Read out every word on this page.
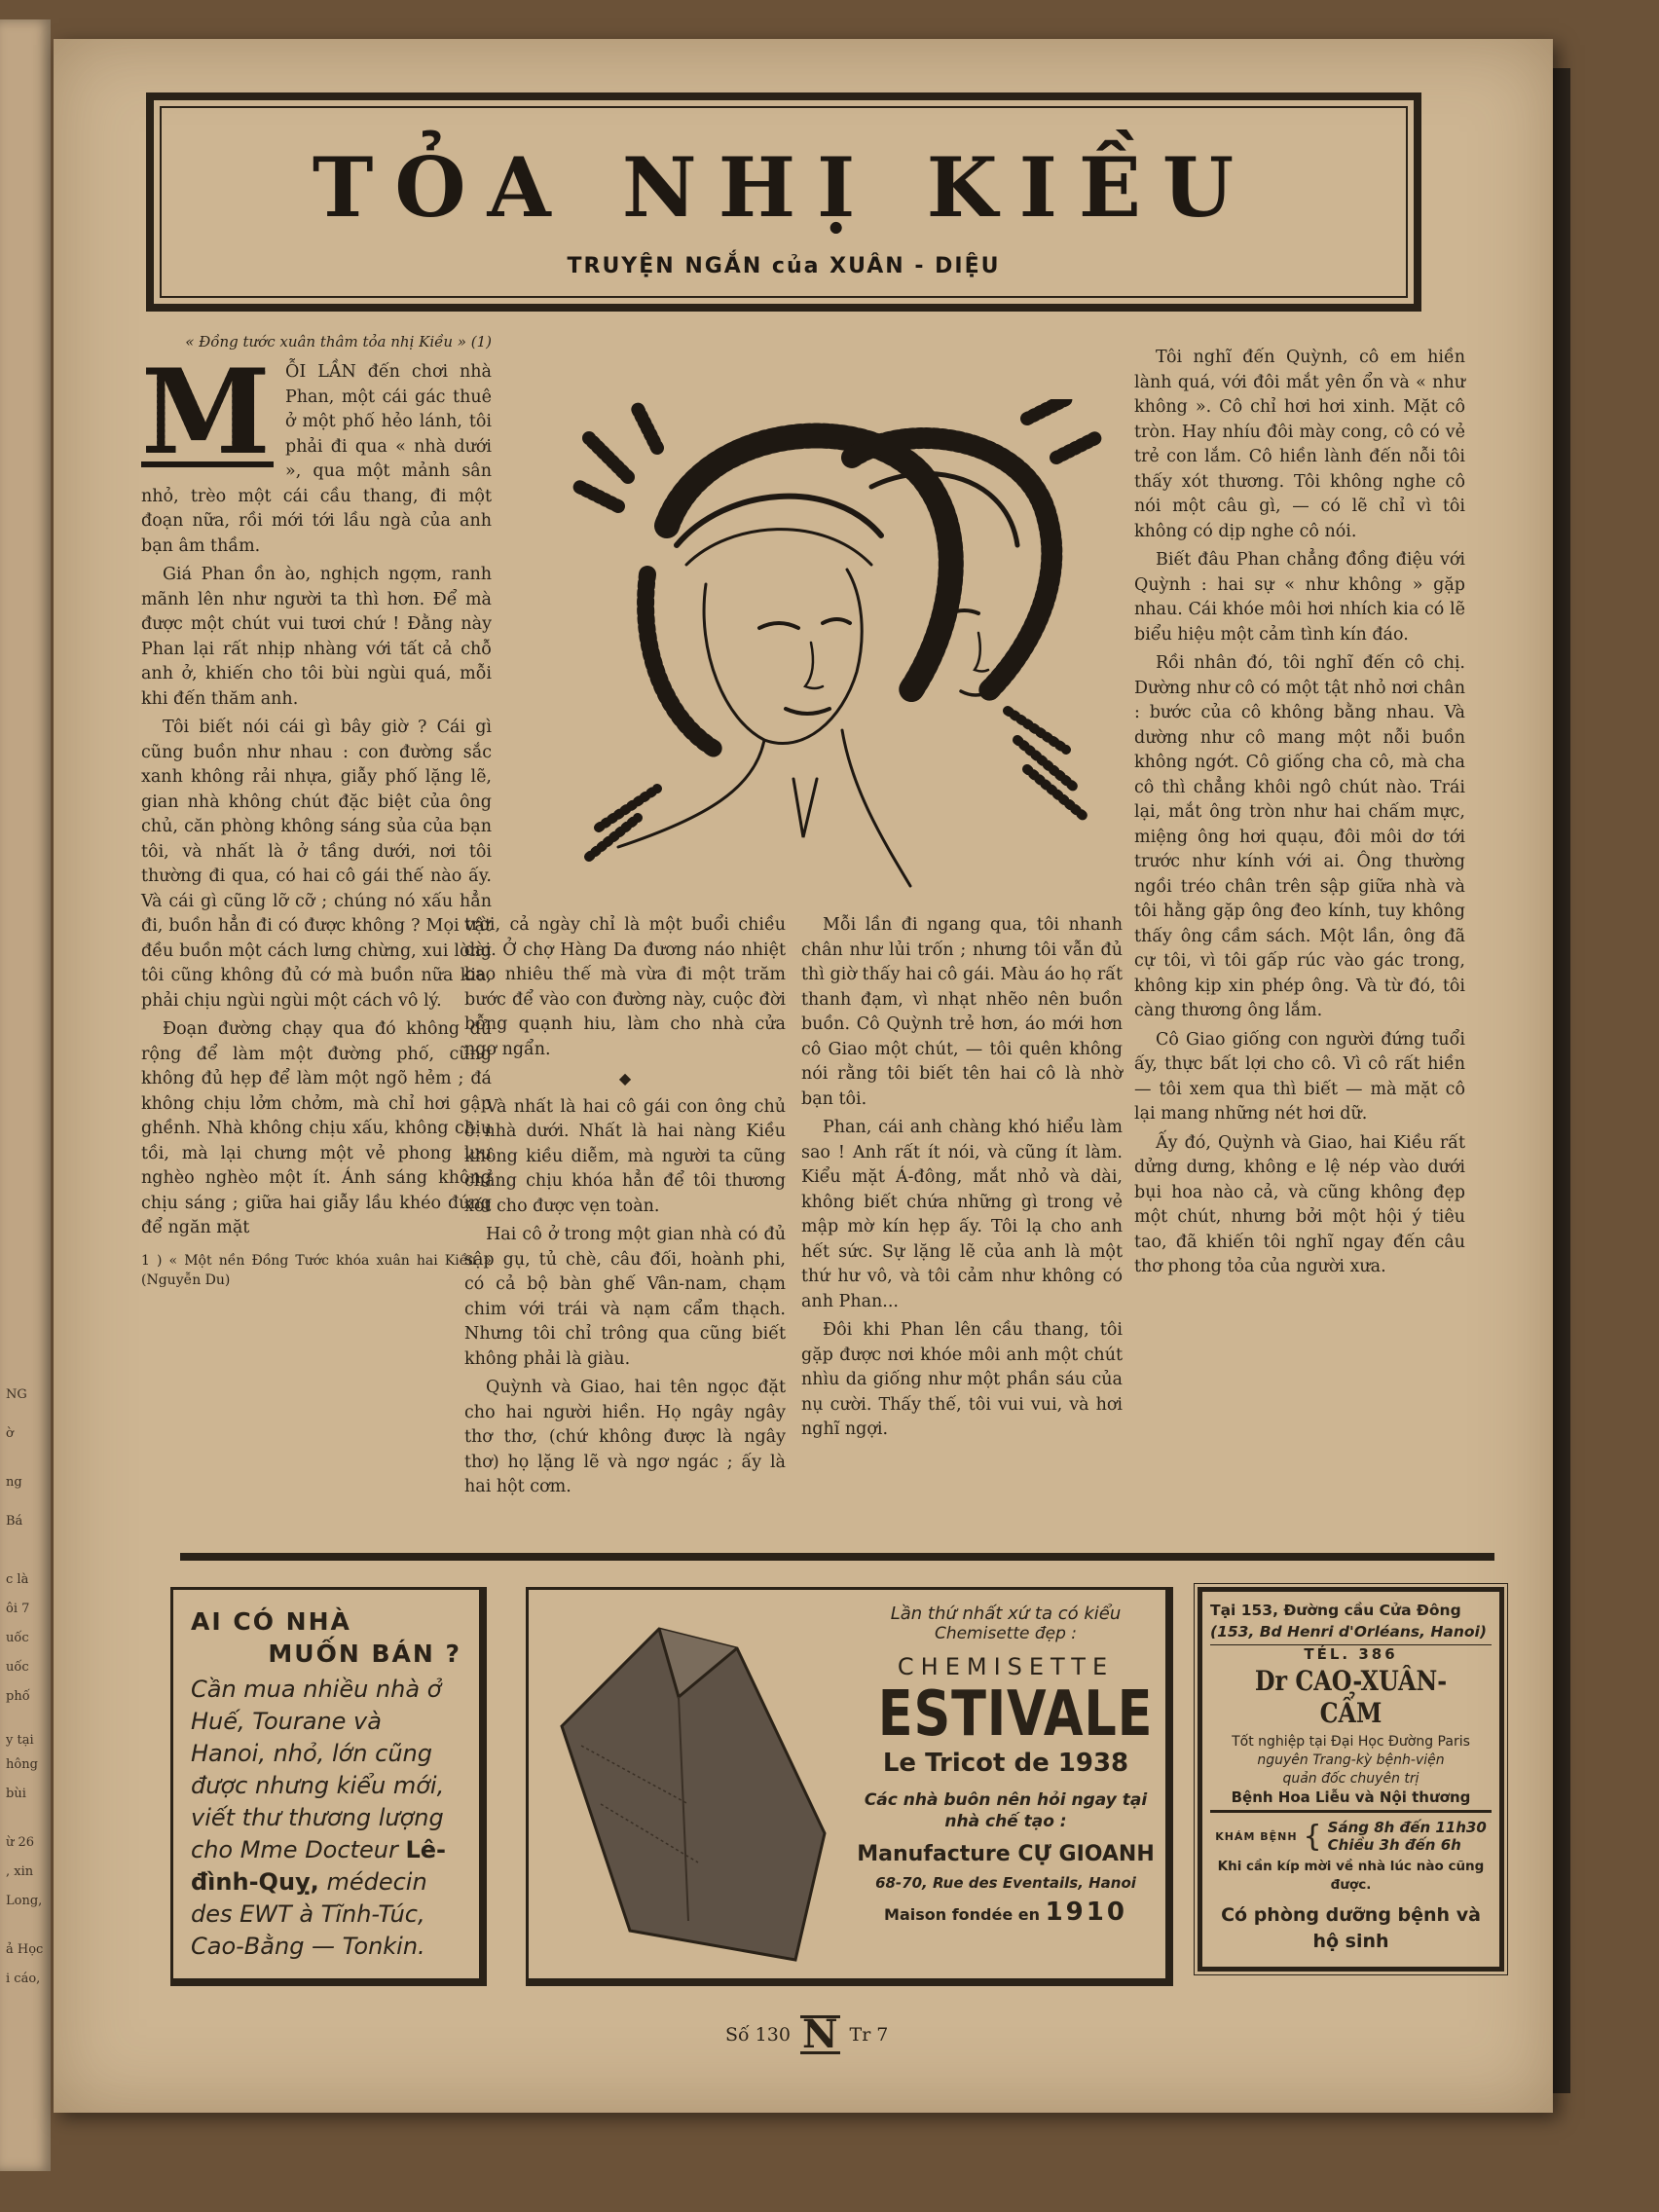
NG
ờ
ng
Bá
c là
ôi 7
uốc
uốc
phố
y tại
hông
bùi
ừ 26
, xin
Long,
ả Học
i cáo,
TỎA NHỊ KIỀU
TRUYỆN NGẮN của XUÂN - DIỆU
« Đồng tước xuân thâm tỏa nhị Kiều » (1)

M ỖI LẦN đến chơi nhà Phan, một cái gác thuê ở một phố hẻo lánh, tôi phải đi qua « nhà dưới », qua một mảnh sân nhỏ, trèo một cái cầu thang, đi một đoạn nữa, rồi mới tới lầu ngà của anh bạn âm thầm.

Giá Phan ồn ào, nghịch ngợm, ranh mãnh lên như người ta thì hơn. Để mà được một chút vui tươi chứ ! Đằng này Phan lại rất nhịp nhàng với tất cả chỗ anh ở, khiến cho tôi bùi ngùi quá, mỗi khi đến thăm anh.

Tôi biết nói cái gì bây giờ ? Cái gì cũng buồn như nhau : con đường sắc xanh không rải nhựa, giẫy phố lặng lẽ, gian nhà không chút đặc biệt của ông chủ, căn phòng không sáng sủa của bạn tôi, và nhất là ở tầng dưới, nơi tôi thường đi qua, có hai cô gái thế nào ấy. Và cái gì cũng lỡ cỡ ; chúng nó xấu hẳn đi, buồn hẳn đi có được không ? Mọi vật đều buồn một cách lưng chừng, xui lòng tôi cũng không đủ cớ mà buồn nữa kia, phải chịu ngùi ngùi một cách vô lý.

Đoạn đường chạy qua đó không đủ rộng để làm một đường phố, cũng không đủ hẹp để làm một ngõ hẻm ; đá không chịu lởm chởm, mà chỉ hơi gập ghềnh. Nhà không chịu xấu, không chịu tồi, mà lại chưng một vẻ phong lưu nghèo nghèo một ít. Ánh sáng không chịu sáng ; giữa hai giẫy lầu khéo đứng để ngăn mặt

1 ) « Một nền Đồng Tước khóa xuân hai Kiều » (Nguyễn Du)

trời, cả ngày chỉ là một buổi chiều dài. Ở chợ Hàng Da đương náo nhiệt bao nhiêu thế mà vừa đi một trăm bước để vào con đường này, cuộc đời bỗng quạnh hiu, làm cho nhà cửa ngơ ngẩn.

◆

Và nhất là hai cô gái con ông chủ ở nhà dưới. Nhất là hai nàng Kiều không kiều diễm, mà người ta cũng chẳng chịu khóa hẳn để tôi thương xót cho được vẹn toàn.

Hai cô ở trong một gian nhà có đủ sập gụ, tủ chè, câu đối, hoành phi, có cả bộ bàn ghế Vân-nam, chạm chim với trái và nạm cẩm thạch. Nhưng tôi chỉ trông qua cũng biết không phải là giàu.

Quỳnh và Giao, hai tên ngọc đặt cho hai người hiền. Họ ngây ngây thơ thơ, (chứ không được là ngây thơ) họ lặng lẽ và ngơ ngác ; ấy là hai hột cơm.

Mỗi lần đi ngang qua, tôi nhanh chân như lủi trốn ; nhưng tôi vẫn đủ thì giờ thấy hai cô gái. Màu áo họ rất thanh đạm, vì nhạt nhẽo nên buồn buồn. Cô Quỳnh trẻ hơn, áo mới hơn cô Giao một chút, — tôi quên không nói rằng tôi biết tên hai cô là nhờ bạn tôi.

Phan, cái anh chàng khó hiểu làm sao ! Anh rất ít nói, và cũng ít làm. Kiểu mặt Á-đông, mắt nhỏ và dài, không biết chứa những gì trong vẻ mập mờ kín hẹp ấy. Tôi lạ cho anh hết sức. Sự lặng lẽ của anh là một thứ hư vô, và tôi cảm như không có anh Phan...

Đôi khi Phan lên cầu thang, tôi gặp được nơi khóe môi anh một chút nhìu da giống như một phần sáu của nụ cười. Thấy thế, tôi vui vui, và hơi nghĩ ngợi.

Tôi nghĩ đến Quỳnh, cô em hiền lành quá, với đôi mắt yên ổn và « như không ». Cô chỉ hơi hơi xinh. Mặt cô tròn. Hay nhíu đôi mày cong, cô có vẻ trẻ con lắm. Cô hiền lành đến nỗi tôi thấy xót thương. Tôi không nghe cô nói một câu gì, — có lẽ chỉ vì tôi không có dịp nghe cô nói.

Biết đâu Phan chẳng đồng điệu với Quỳnh : hai sự « như không » gặp nhau. Cái khóe môi hơi nhích kia có lẽ biểu hiệu một cảm tình kín đáo.

Rồi nhân đó, tôi nghĩ đến cô chị. Dường như cô có một tật nhỏ nơi chân : bước của cô không bằng nhau. Và dường như cô mang một nỗi buồn không ngớt. Cô giống cha cô, mà cha cô thì chẳng khôi ngô chút nào. Trái lại, mắt ông tròn như hai chấm mực, miệng ông hơi quạu, đôi môi dơ tới trước như kính với ai. Ông thường ngồi tréo chân trên sập giữa nhà và tôi hằng gặp ông đeo kính, tuy không thấy ông cầm sách. Một lần, ông đã cự tôi, vì tôi gấp rúc vào gác trong, không kịp xin phép ông. Và từ đó, tôi càng thương ông lắm.

Cô Giao giống con người đứng tuổi ấy, thực bất lợi cho cô. Vì cô rất hiền — tôi xem qua thì biết — mà mặt cô lại mang những nét hơi dữ.

Ấy đó, Quỳnh và Giao, hai Kiều rất dửng dưng, không e lệ nép vào dưới bụi hoa nào cả, và cũng không đẹp một chút, nhưng bởi một hội ý tiêu tao, đã khiến tôi nghĩ ngay đến câu thơ phong tỏa của người xưa.

AI CÓ NHÀ
MUỐN BÁN ?
Cần mua nhiều nhà ở Huế, Tourane và Hanoi, nhỏ, lớn cũng được nhưng kiểu mới, viết thư thương lượng cho Mme Docteur Lê-đình-Quỵ, médecin des EWT à Tĩnh-Túc, Cao-Bằng — Tonkin.
Lần thứ nhất xứ ta có kiểu
Chemisette đẹp :
CHEMISETTE
ESTIVALE
Le Tricot de 1938
Các nhà buôn nên hỏi ngay tại nhà chế tạo :
Manufacture CỰ GIOANH
68-70, Rue des Eventails, Hanoi
Maison fondée en 1910
Tại 153, Đường cầu Cửa Đông
(153, Bd Henri d'Orléans, Hanoi)
TÉL. 386
Dr CAO-XUÂN-CẨM
Tốt nghiệp tại Đại Học Đường Paris
nguyên Trang-kỳ bệnh-viện
quản đốc chuyên trị
Bệnh Hoa Liễu và Nội thương
KHÁM BỆNH { Sáng 8h đến 11h30
Chiều 3h đến 6h
Khi cần kíp mời về nhà lúc nào cũng được.
Có phòng dưỡng bệnh và hộ sinh
Số 130 N Tr 7
